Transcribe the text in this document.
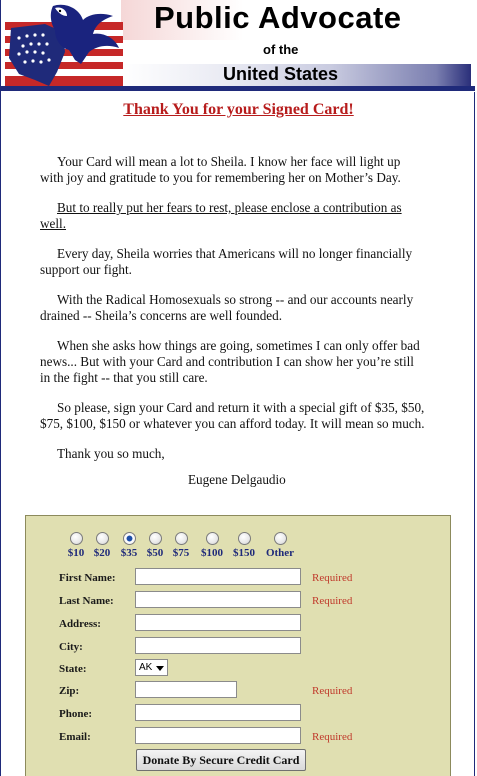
Public Advocate
of the
United States
Thank You for your Signed Card!

Your Card will mean a lot to Sheila. I know her face will light up with joy and gratitude to you for remembering her on Mother’s Day.

But to really put her fears to rest, please enclose a contribution as well.

Every day, Sheila worries that Americans will no longer financially support our fight.

With the Radical Homosexuals so strong -- and our accounts nearly drained -- Sheila’s concerns are well founded.

When she asks how things are going, sometimes I can only offer bad news... But with your Card and contribution I can show her you’re still in the fight -- that you still care.

So please, sign your Card and return it with a special gift of $35, $50, $75, $100, $150 or whatever you can afford today. It will mean so much.

Thank you so much,

Eugene Delgaudio
$10 $20 $35 $50 $75	$100 $150 Other
First Name:	Required
Last Name:	Required
Address:
City:
State:	AK
Zip:	Required
Phone:
Email:	Required
Donate By Secure Credit Card
